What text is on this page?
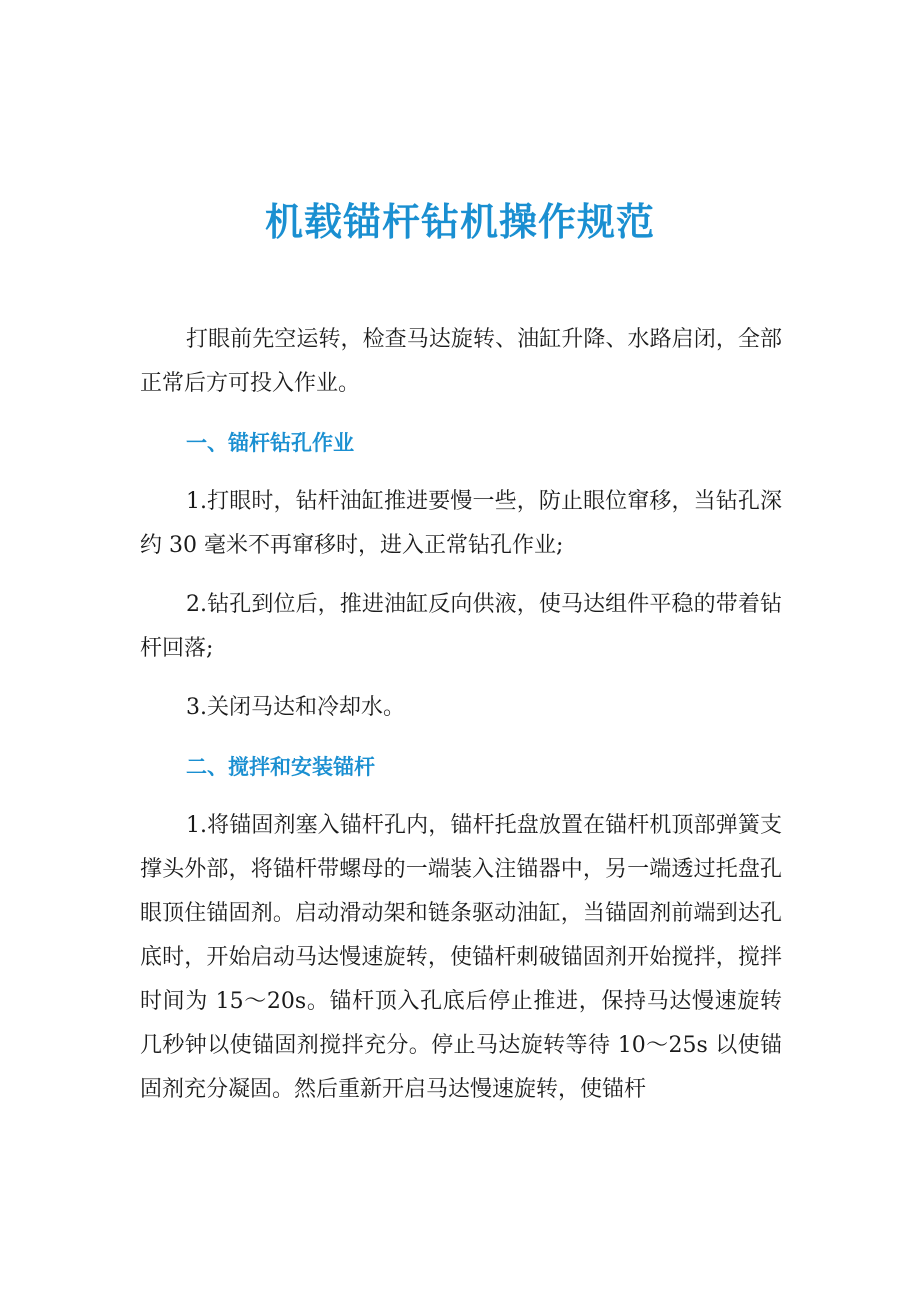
机载锚杆钻机操作规范

打眼前先空运转，检查马达旋转、油缸升降、水路启闭，全部正常后方可投入作业。

一、锚杆钻孔作业

1.打眼时，钻杆油缸推进要慢一些，防止眼位窜移，当钻孔深约 30 毫米不再窜移时，进入正常钻孔作业;

2.钻孔到位后，推进油缸反向供液，使马达组件平稳的带着钻杆回落;

3.关闭马达和冷却水。

二、搅拌和安装锚杆

1.将锚固剂塞入锚杆孔内，锚杆托盘放置在锚杆机顶部弹簧支撑头外部，将锚杆带螺母的一端装入注锚器中，另一端透过托盘孔眼顶住锚固剂。启动滑动架和链条驱动油缸，当锚固剂前端到达孔底时，开始启动马达慢速旋转，使锚杆刺破锚固剂开始搅拌，搅拌时间为 15～20s。锚杆顶入孔底后停止推进，保持马达慢速旋转几秒钟以使锚固剂搅拌充分。停止马达旋转等待 10～25s 以使锚固剂充分凝固。然后重新开启马达慢速旋转，使锚杆
